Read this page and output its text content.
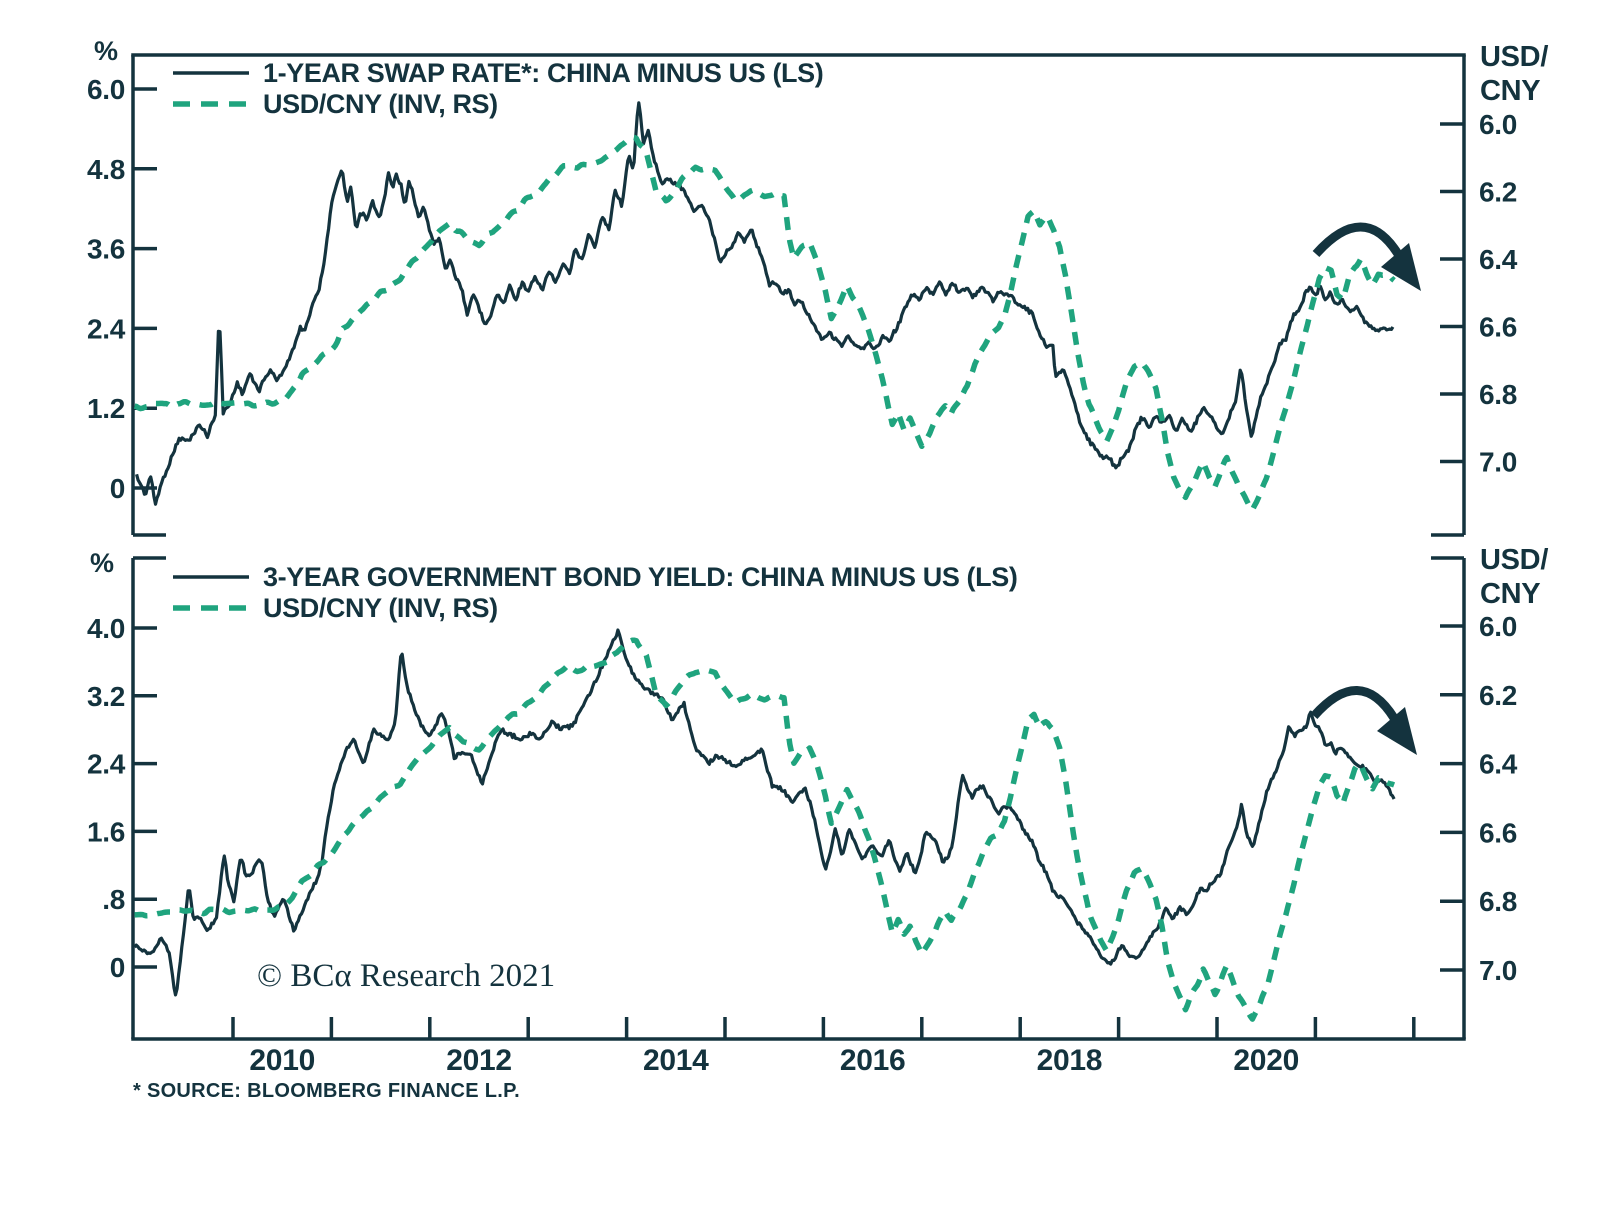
6.0
4.8
3.6
2.4
1.2
0
6.0
6.2
6.4
6.6
6.8
7.0
2010	2012	2014	2016	2018	2020
4.0
3.2
2.4
1.6
.8
0
6.0
6.2
6.4
6.6
6.8
7.0
%	USD/
CNY
%	USD/
CNY
1-YEAR SWAP RATE*: CHINA MINUS US (LS)
USD/CNY (INV, RS)
3-YEAR GOVERNMENT BOND YIELD: CHINA MINUS US (LS)
USD/CNY (INV, RS)
© BCα Research 2021
* SOURCE: BLOOMBERG FINANCE L.P.
